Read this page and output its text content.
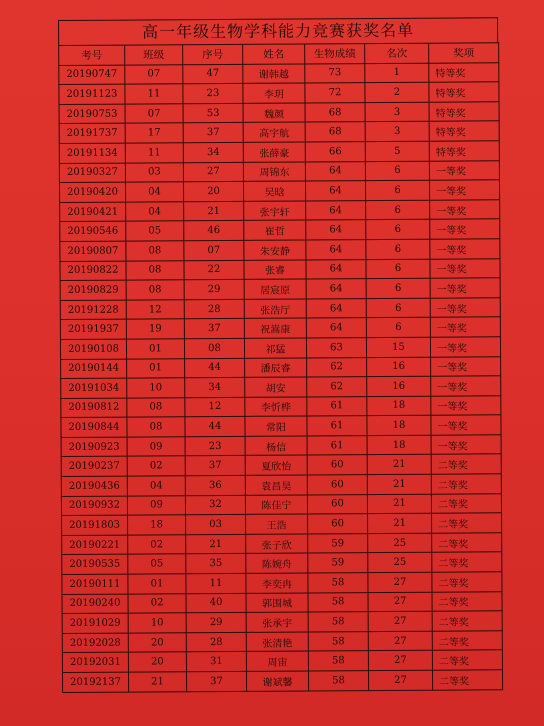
高一年级生物学科能力竞赛获奖名单
考号	班级	序号	姓名	生物成绩	名次	奖项
20190747	07	47	谢韩越	73	1	特等奖
20191123	11	23	李玥	72	2	特等奖
20190753	07	53	魏颜	68	3	特等奖
20191737	17	37	高宇航	68	3	特等奖
20191134	11	34	张薛豪	66	5	特等奖
20190327	03	27	周锦东	64	6	一等奖
20190420	04	20	吴晗	64	6	一等奖
20190421	04	21	张宇轩	64	6	一等奖
20190546	05	46	崔哲	64	6	一等奖
20190807	08	07	朱安静	64	6	一等奖
20190822	08	22	张睿	64	6	一等奖
20190829	08	29	居宸原	64	6	一等奖
20191228	12	28	张浩厅	64	6	一等奖
20191937	19	37	祝嵩康	64	6	一等奖
20190108	01	08	祁猛	63	15	一等奖
20190144	01	44	潘辰睿	62	16	一等奖
20191034	10	34	胡安	62	16	一等奖
20190812	08	12	李忻桦	61	18	一等奖
20190844	08	44	常阳	61	18	一等奖
20190923	09	23	杨信	61	18	一等奖
20190237	02	37	夏欣怡	60	21	二等奖
20190436	04	36	袁昌昊	60	21	二等奖
20190932	09	32	陈佳宁	60	21	二等奖
20191803	18	03	王浩	60	21	二等奖
20190221	02	21	张子欣	59	25	二等奖
20190535	05	35	陈婉舟	59	25	二等奖
20190111	01	11	李奕冉	58	27	二等奖
20190240	02	40	郭围城	58	27	二等奖
20191029	10	29	张承宇	58	27	二等奖
20192028	20	28	张清艳	58	27	二等奖
20192031	20	31	周宙	58	27	二等奖
20192137	21	37	谢斌馨	58	27	二等奖
